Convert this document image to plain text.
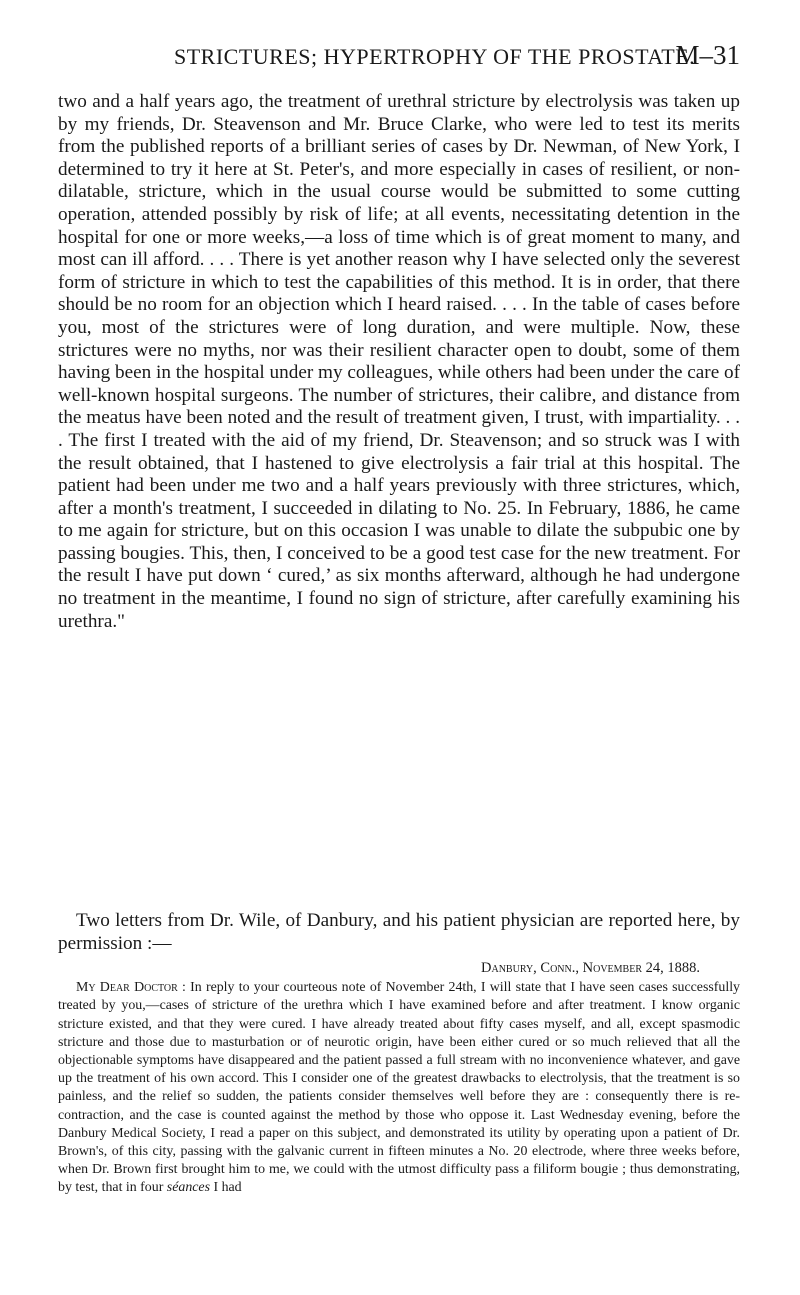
STRICTURES; HYPERTROPHY OF THE PROSTATE.
M–31

two and a half years ago, the treatment of urethral stricture by electrolysis was taken up by my friends, Dr. Steavenson and Mr. Bruce Clarke, who were led to test its merits from the published reports of a brilliant series of cases by Dr. Newman, of New York, I determined to try it here at St. Peter's, and more especially in cases of resilient, or non-dilatable, stricture, which in the usual course would be submitted to some cutting operation, attended possibly by risk of life; at all events, necessitating detention in the hospital for one or more weeks,—a loss of time which is of great moment to many, and most can ill afford. . . . There is yet another reason why I have selected only the severest form of stricture in which to test the capabilities of this method. It is in order, that there should be no room for an objection which I heard raised. . . . In the table of cases before you, most of the strictures were of long duration, and were multiple. Now, these strictures were no myths, nor was their resilient character open to doubt, some of them having been in the hospital under my colleagues, while others had been under the care of well-known hospital surgeons. The number of strictures, their calibre, and distance from the meatus have been noted and the result of treatment given, I trust, with impartiality. . . . The first I treated with the aid of my friend, Dr. Steavenson; and so struck was I with the result obtained, that I hastened to give electrolysis a fair trial at this hospital. The patient had been under me two and a half years previously with three strictures, which, after a month's treatment, I succeeded in dilating to No. 25. In February, 1886, he came to me again for stricture, but on this occasion I was unable to dilate the subpubic one by passing bougies. This, then, I conceived to be a good test case for the new treatment. For the result I have put down ‘ cured,’ as six months afterward, although he had undergone no treatment in the meantime, I found no sign of stricture, after carefully examining his urethra."

Two letters from Dr. Wile, of Danbury, and his patient physician are reported here, by permission :—

Danbury, Conn., November 24, 1888.

My Dear Doctor : In reply to your courteous note of November 24th, I will state that I have seen cases successfully treated by you,—cases of stricture of the urethra which I have examined before and after treatment. I know organic stricture existed, and that they were cured. I have already treated about fifty cases myself, and all, except spasmodic stricture and those due to masturbation or of neurotic origin, have been either cured or so much relieved that all the objectionable symptoms have disappeared and the patient passed a full stream with no inconvenience whatever, and gave up the treatment of his own accord. This I consider one of the greatest drawbacks to electrolysis, that the treatment is so painless, and the relief so sudden, the patients consider themselves well before they are : consequently there is re-contraction, and the case is counted against the method by those who oppose it. Last Wednesday evening, before the Danbury Medical Society, I read a paper on this subject, and demonstrated its utility by operating upon a patient of Dr. Brown's, of this city, passing with the galvanic current in fifteen minutes a No. 20 electrode, where three weeks before, when Dr. Brown first brought him to me, we could with the utmost difficulty pass a filiform bougie ; thus demonstrating, by test, that in four séances I had
